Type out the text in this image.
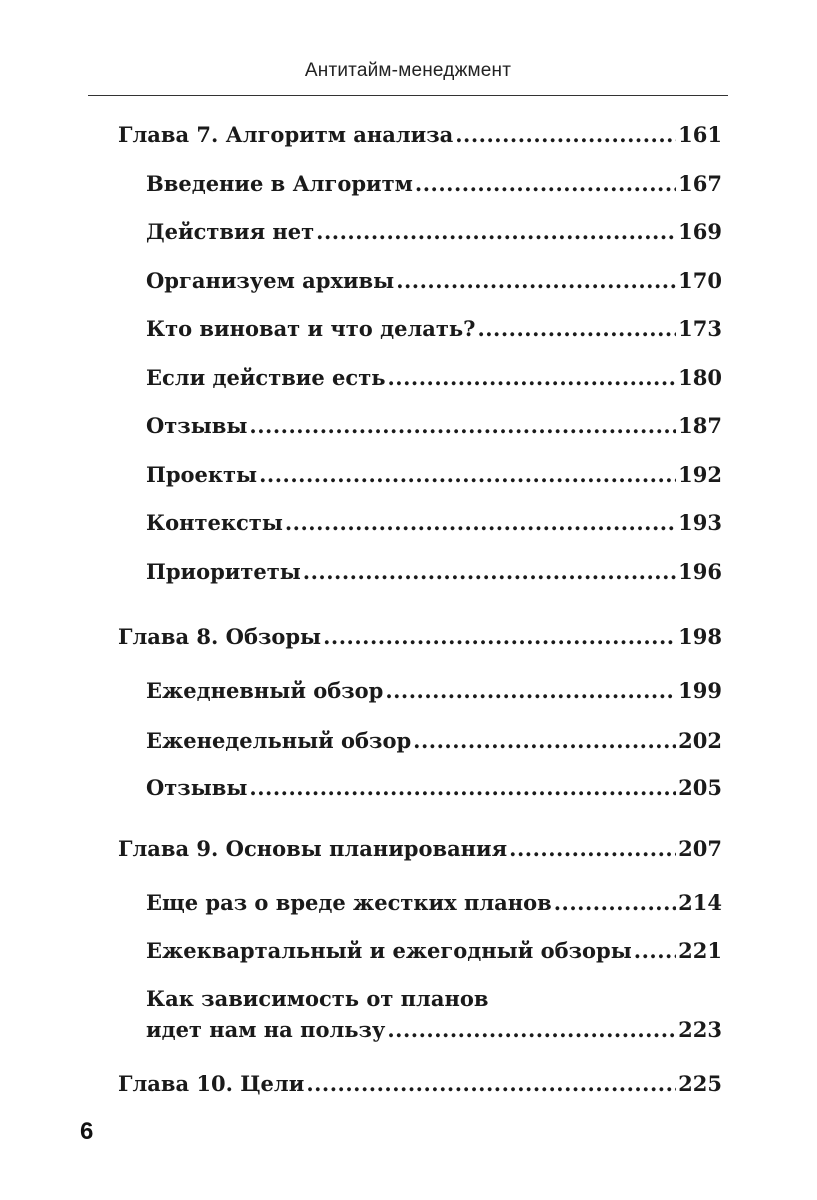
Антитайм-менеджмент
Глава 7. Алгоритм анализа .....	161
Введение в Алгоритм .....	167
Действия нет .....	169
Организуем архивы .....	170
Кто виноват и что делать? .....	173
Если действие есть .....	180
Отзывы .....	187
Проекты .....	192
Контексты .....	193
Приоритеты .....	196
Глава 8. Обзоры .....	198
Ежедневный обзор .....	199
Еженедельный обзор .....	202
Отзывы .....	205
Глава 9. Основы планирования .....	207
Еще раз о вреде жестких планов .....	214
Ежеквартальный и ежегодный обзоры ..... 221
Как зависимость от планов
идет нам на пользу .....	223
Глава 10. Цели .....	225
6
